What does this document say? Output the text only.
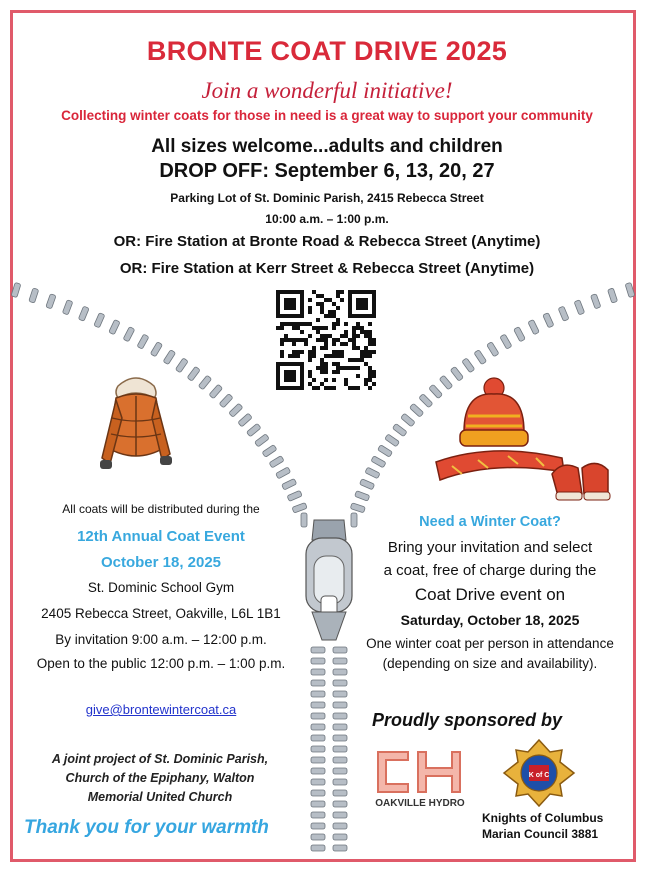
BRONTE COAT DRIVE 2025
Join a wonderful initiative!
Collecting winter coats for those in need is a great way to support your community
All sizes welcome...adults and children
DROP OFF: September 6, 13, 20, 27
Parking Lot of St. Dominic Parish, 2415 Rebecca Street
10:00 a.m. – 1:00 p.m.
OR: Fire Station at Bronte Road & Rebecca Street (Anytime)
OR: Fire Station at Kerr Street & Rebecca Street (Anytime)
All coats will be distributed during the
12th Annual Coat Event
October 18, 2025
St. Dominic School Gym
2405 Rebecca Street, Oakville, L6L 1B1
By invitation 9:00 a.m. – 12:00 p.m.
Open to the public 12:00 p.m. – 1:00 p.m.
give@brontewintercoat.ca
A joint project of St. Dominic Parish, Church of the Epiphany, Walton Memorial United Church
Thank you for your warmth
Need a Winter Coat?
Bring your invitation and select
a coat, free of charge during the
Coat Drive event on
Saturday, October 18, 2025
One winter coat per person in attendance
(depending on size and availability).
Proudly sponsored by
OAKVILLE HYDRO
K of C
Knights of Columbus
Marian Council 3881
